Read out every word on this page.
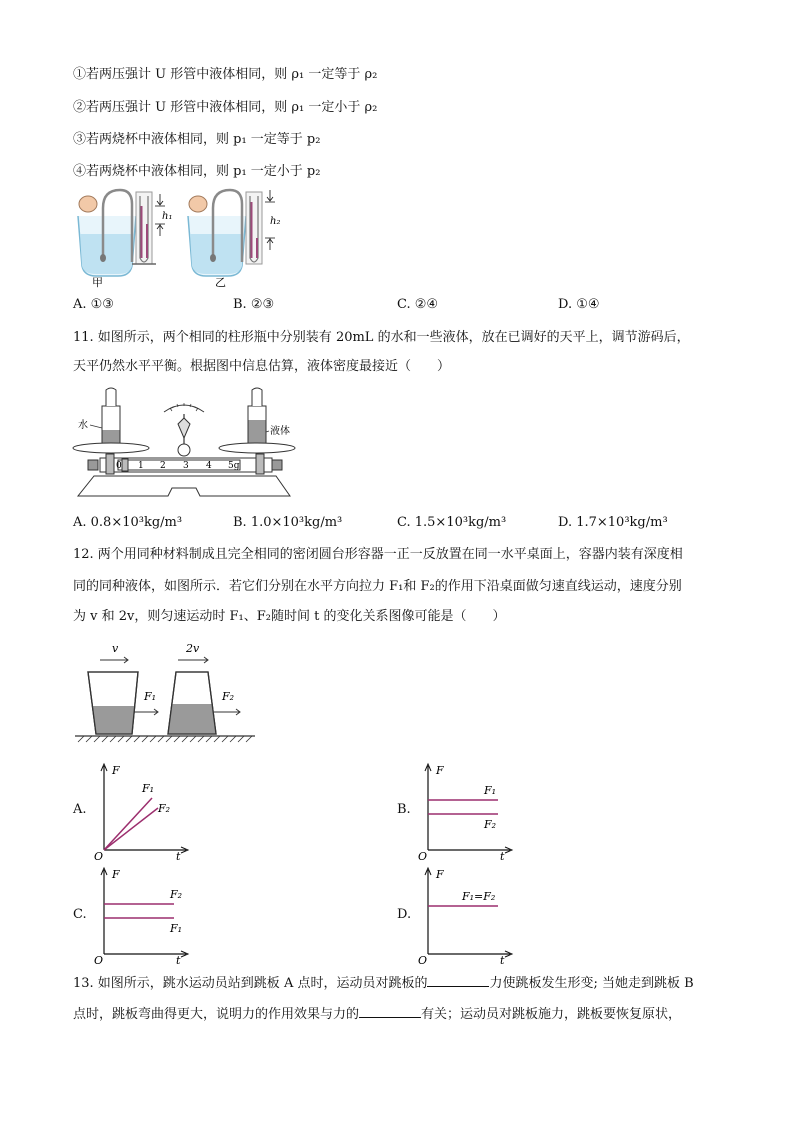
①若两压强计 U 形管中液体相同，则 ρ₁ 一定等于 ρ₂
②若两压强计 U 形管中液体相同，则 ρ₁ 一定小于 ρ₂
③若两烧杯中液体相同，则 p₁ 一定等于 p₂
④若两烧杯中液体相同，则 p₁ 一定小于 p₂
h₁
甲
h₂
乙
A. ①③	B. ②③	C. ②④	D. ①④
11. 如图所示，两个相同的柱形瓶中分别装有 20mL 的水和一些液体，放在已调好的天平上，调节游码后，
天平仍然水平平衡。根据图中信息估算，液体密度最接近（　　）
水
液体
0 1 2 3 4 5g
A. 0.8×10³kg/m³	B. 1.0×10³kg/m³	C. 1.5×10³kg/m³	D. 1.7×10³kg/m³
12. 两个用同种材料制成且完全相同的密闭圆台形容器一正一反放置在同一水平桌面上，容器内装有深度相
同的同种液体，如图所示．若它们分别在水平方向拉力 F₁和 F₂的作用下沿桌面做匀速直线运动，速度分别
为 v 和 2v，则匀速运动时 F₁、F₂随时间 t 的变化关系图像可能是（　　）
v	2v
F₁	F₂
A.
F
t
O
F₁
F₂	B.
F
t
O
F₁
F₂
C.
F
t
O
F₂
F₁
D.
F
t
O
F₁=F₂
13. 如图所示，跳水运动员站到跳板 A 点时，运动员对跳板的	力使跳板发生形变; 当她走到跳板 B
点时，跳板弯曲得更大，说明力的作用效果与力的	有关；运动员对跳板施力，跳板要恢复原状，
